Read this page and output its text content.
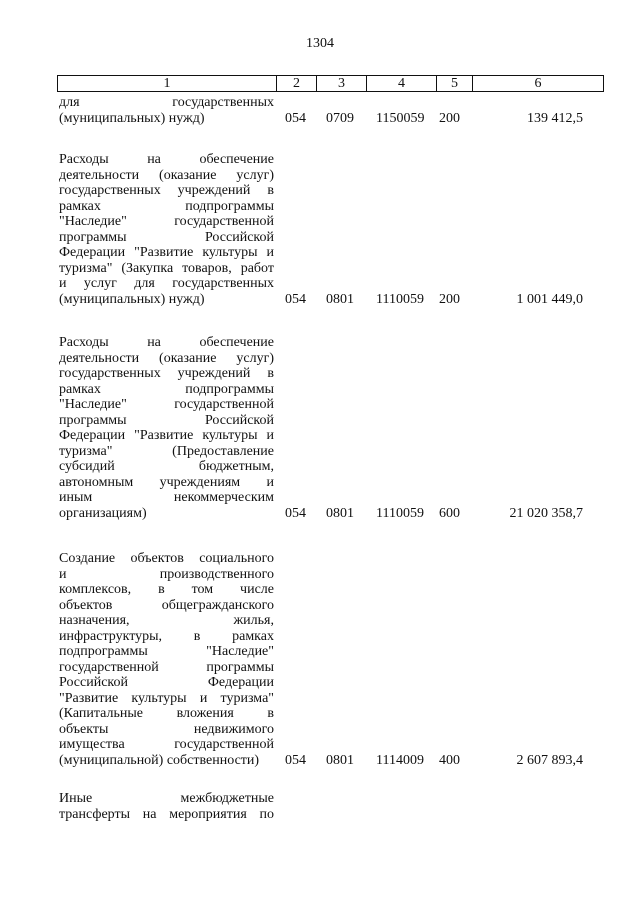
1304
1	2	3	4	5	6
для государственных
(муниципальных) нужд)	054 0709 1150059 200	139 412,5
Расходы на обеспечение
деятельности (оказание услуг)
государственных учреждений в
рамках подпрограммы
"Наследие" государственной
программы Российской
Федерации "Развитие культуры и
туризма" (Закупка товаров, работ
и услуг для государственных
(муниципальных) нужд)	054 0801 1110059 200	1 001 449,0
Расходы на обеспечение
деятельности (оказание услуг)
государственных учреждений в
рамках подпрограммы
"Наследие" государственной
программы Российской
Федерации "Развитие культуры и
туризма" (Предоставление
субсидий бюджетным,
автономным учреждениям и
иным некоммерческим
организациям)	054 0801 1110059 600	21 020 358,7
Создание объектов социального
и производственного
комплексов, в том числе
объектов общегражданского
назначения, жилья,
инфраструктуры, в рамках
подпрограммы "Наследие"
государственной программы
Российской Федерации
"Развитие культуры и туризма"
(Капитальные вложения в
объекты недвижимого
имущества государственной
(муниципальной) собственности)	054 0801 1114009 400	2 607 893,4
Иные межбюджетные
трансферты на мероприятия по
